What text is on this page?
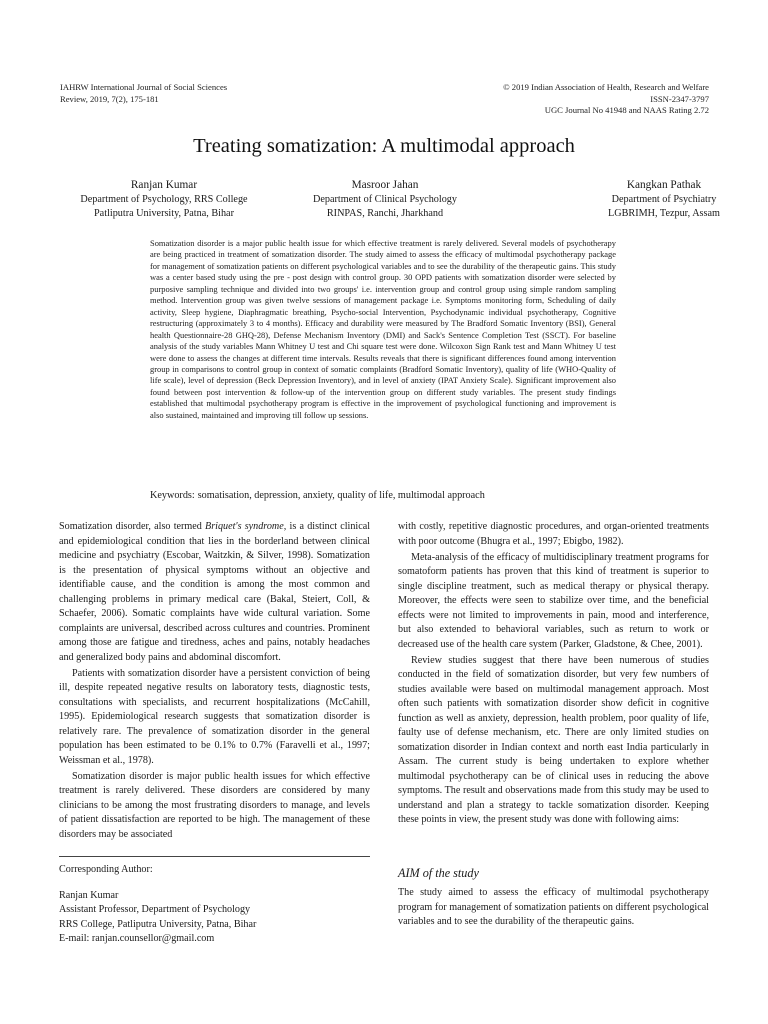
IAHRW International Journal of Social Sciences
Review, 2019, 7(2), 175-181
© 2019 Indian Association of Health, Research and Welfare
ISSN-2347-3797
UGC Journal No 41948 and NAAS Rating 2.72
Treating somatization: A multimodal approach
Ranjan Kumar
Department of Psychology, RRS College
Patliputra University, Patna, Bihar
Masroor Jahan
Department of Clinical Psychology
RINPAS, Ranchi, Jharkhand
Kangkan Pathak
Department of Psychiatry
LGBRIMH, Tezpur, Assam
Somatization disorder is a major public health issue for which effective treatment is rarely delivered. Several models of psychotherapy are being practiced in treatment of somatization disorder. The study aimed to assess the efficacy of multimodal psychotherapy package for management of somatization patients on different psychological variables and to see the durability of the therapeutic gains. This study was a center based study using the pre - post design with control group. 30 OPD patients with somatization disorder were selected by purposive sampling technique and divided into two groups' i.e. intervention group and control group using simple random sampling method. Intervention group was given twelve sessions of management package i.e. Symptoms monitoring form, Scheduling of daily activity, Sleep hygiene, Diaphragmatic breathing, Psycho-social Intervention, Psychodynamic individual psychotherapy, Cognitive restructuring (approximately 3 to 4 months). Efficacy and durability were measured by The Bradford Somatic Inventory (BSI), General health Questionnaire-28 GHQ-28), Defense Mechanism Inventory (DMI) and Sack's Sentence Completion Test (SSCT). For baseline analysis of the study variables Mann Whitney U test and Chi square test were done. Wilcoxon Sign Rank test and Mann Whitney U test were done to assess the changes at different time intervals. Results reveals that there is significant differences found among intervention group in comparisons to control group in context of somatic complaints (Bradford Somatic Inventory), quality of life (WHO-Quality of life scale), level of depression (Beck Depression Inventory), and in level of anxiety (IPAT Anxiety Scale). Significant improvement also found between post intervention & follow-up of the intervention group on different study variables. The present study findings established that multimodal psychotherapy program is effective in the improvement of psychological functioning and improvement is also sustained, maintained and improving till follow up sessions.
Keywords: somatisation, depression, anxiety, quality of life, multimodal approach

Somatization disorder, also termed Briquet's syndrome, is a distinct clinical and epidemiological condition that lies in the borderland between clinical medicine and psychiatry (Escobar, Waitzkin, & Silver, 1998). Somatization is the presentation of physical symptoms without an objective and identifiable cause, and the condition is among the most common and challenging problems in primary medical care (Bakal, Steiert, Coll, & Schaefer, 2006). Somatic complaints have wide cultural variation. Some complaints are universal, described across cultures and countries. Prominent among those are fatigue and tiredness, aches and pains, notably headaches and generalized body pains and abdominal discomfort.

Patients with somatization disorder have a persistent conviction of being ill, despite repeated negative results on laboratory tests, diagnostic tests, consultations with specialists, and recurrent hospitalizations (McCahill, 1995). Epidemiological research suggests that somatization disorder is relatively rare. The prevalence of somatization disorder in the general population has been estimated to be 0.1% to 0.7% (Faravelli et al., 1997; Weissman et al., 1978).

Somatization disorder is major public health issues for which effective treatment is rarely delivered. These disorders are considered by many clinicians to be among the most frustrating disorders to manage, and levels of patient dissatisfaction are reported to be high. The management of these disorders may be associated

Corresponding Author:
Ranjan Kumar
Assistant Professor, Department of Psychology
RRS College, Patliputra University, Patna, Bihar
E-mail: ranjan.counsellor@gmail.com

with costly, repetitive diagnostic procedures, and organ-oriented treatments with poor outcome (Bhugra et al., 1997; Ebigbo, 1982).

Meta-analysis of the efficacy of multidisciplinary treatment programs for somatoform patients has proven that this kind of treatment is superior to single discipline treatment, such as medical therapy or physical therapy. Moreover, the effects were seen to stabilize over time, and the beneficial effects were not limited to improvements in pain, mood and interference, but also extended to behavioral variables, such as return to work or decreased use of the health care system (Parker, Gladstone, & Chee, 2001).

Review studies suggest that there have been numerous of studies conducted in the field of somatization disorder, but very few numbers of studies available were based on multimodal management approach. Most often such patients with somatization disorder show deficit in cognitive function as well as anxiety, depression, health problem, poor quality of life, faulty use of defense mechanism, etc. There are only limited studies on somatization disorder in Indian context and north east India particularly in Assam. The current study is being undertaken to explore whether multimodal psychotherapy can be of clinical uses in reducing the above symptoms. The result and observations made from this study may be used to understand and plan a strategy to tackle somatization disorder. Keeping these points in view, the present study was done with following aims:

AIM of the study
The study aimed to assess the efficacy of multimodal psychotherapy program for management of somatization patients on different psychological variables and to see the durability of the therapeutic gains.
